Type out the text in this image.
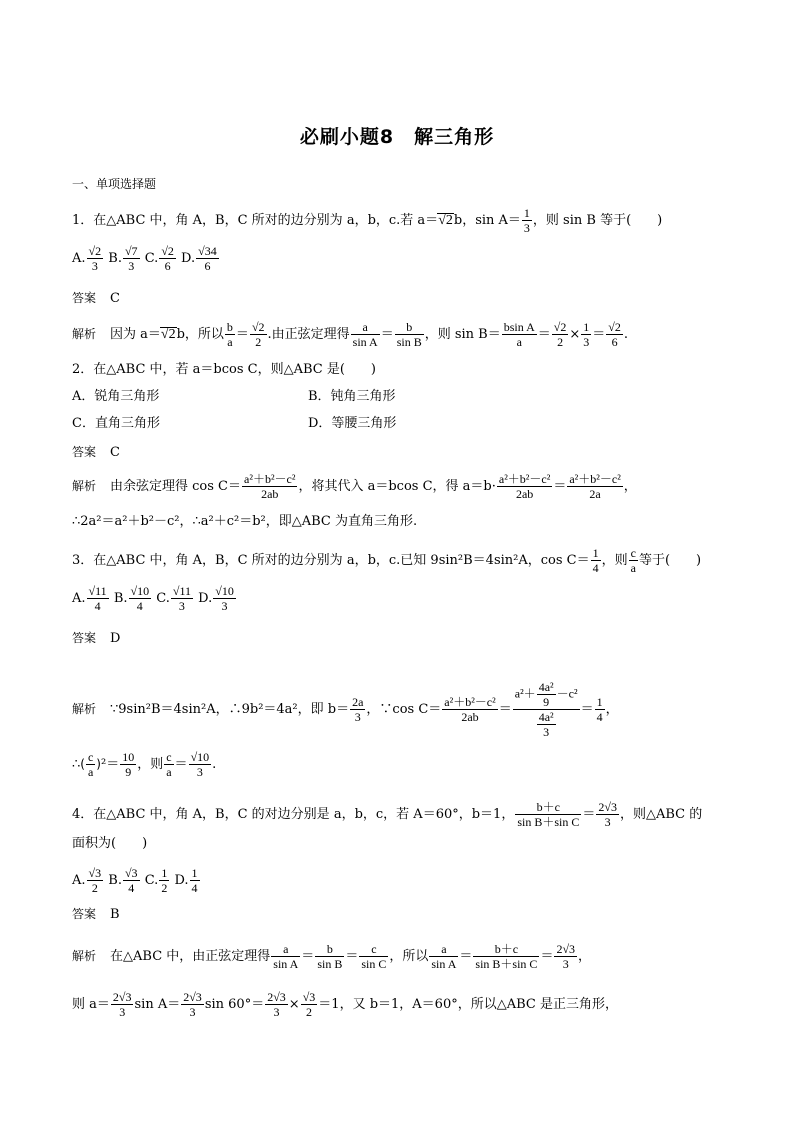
必刷小题8　解三角形
一、单项选择题
1．在△ABC 中，角 A，B，C 所对的边分别为 a，b，c.若 a＝√2b，$\sin A= \frac{1}{3}$ ，则 sin B 等于(　　)
A. $\frac{√2}{3} B$. $\frac{√7}{3} C$. $\frac{√2}{6} D$. $\frac{√34}{6}$
答案 C
解析 因为 a＝√2b，所以 $\frac{b}{a} = \frac{√2}{2}$ .由正弦定理得 $\frac{a}{\text{sin A}} = \frac{b}{\text{sin B}}$ ，则 $\sin B= \frac{\text{bsin A}}{a} = \frac{√2}{2} \times \frac{1}{3} = \frac{√2}{6}$ .
2．在△ABC 中，若 a＝bcos C，则△ABC 是(　　)
A．锐角三角形	B．钝角三角形
C．直角三角形	D．等腰三角形
答案 C
解析 由余弦定理得 $\cos C= \frac{\text{a²＋b²－c²}}{2ab}$ ，将其代入 a＝bcos C，得 $a=b\cdot \frac{\text{a²＋b²－c²}}{2ab} = \frac{\text{a²＋b²－c²}}{2a}$ ，
∴2a²＝a²＋b²－c²，∴a²＋c²＝b²，即△ABC 为直角三角形.
3．在△ABC 中，角 A，B，C 所对的边分别为 a，b，c.已知 9sin²B＝4sin²A，$\cos C= \frac{1}{4}$ ，则 $\frac{c}{a}$ 等于(　　)
A. $\frac{√11}{4} B$. $\frac{√10}{4} C$. $\frac{√11}{3} D$. $\frac{√10}{3}$
答案 D
解析 ∵9sin²B＝4sin²A，∴9b²＝4a²，即 $b= \frac{2a}{3}$ ，∵cos $C= \frac{\text{a²＋b²－c²}}{2ab} = \frac{a^2+ \frac{\text{4a²}}{9} -c^2}{\frac{\text{4a²}}{3}} = \frac{1}{4}$ ，
∴( $\frac{c}{a} )^2= \frac{10}{9}$ ，则 $\frac{c}{a} = \frac{√10}{3}$ .
4．在△ABC 中，角 A，B，C 的对边分别是 a，b，c，若 A＝60°，b＝1， $\frac{b+c}{\text{sin B＋sin C}} = \frac{2√3}{3}$ ，则△ABC 的
面积为(　　)
A. $\frac{√3}{2} B$. $\frac{√3}{4} C$. $\frac{1}{2} D$. $\frac{1}{4}$
答案 B
解析 在△ABC 中，由正弦定理得 $\frac{a}{\text{sin A}} = \frac{b}{\text{sin B}} = \frac{c}{\text{sin C}}$ ，所以 $\frac{a}{\text{sin A}} = \frac{b+c}{\text{sin B＋sin C}} = \frac{2√3}{3}$ ，
则 $a= \frac{2√3}{3}$ $\sin A= \frac{2√3}{3}$ $\sin 60^\circ= \frac{2√3}{3} \times \frac{√3}{2} =1$，又 b＝1，A＝60°，所以△ABC 是正三角形，
